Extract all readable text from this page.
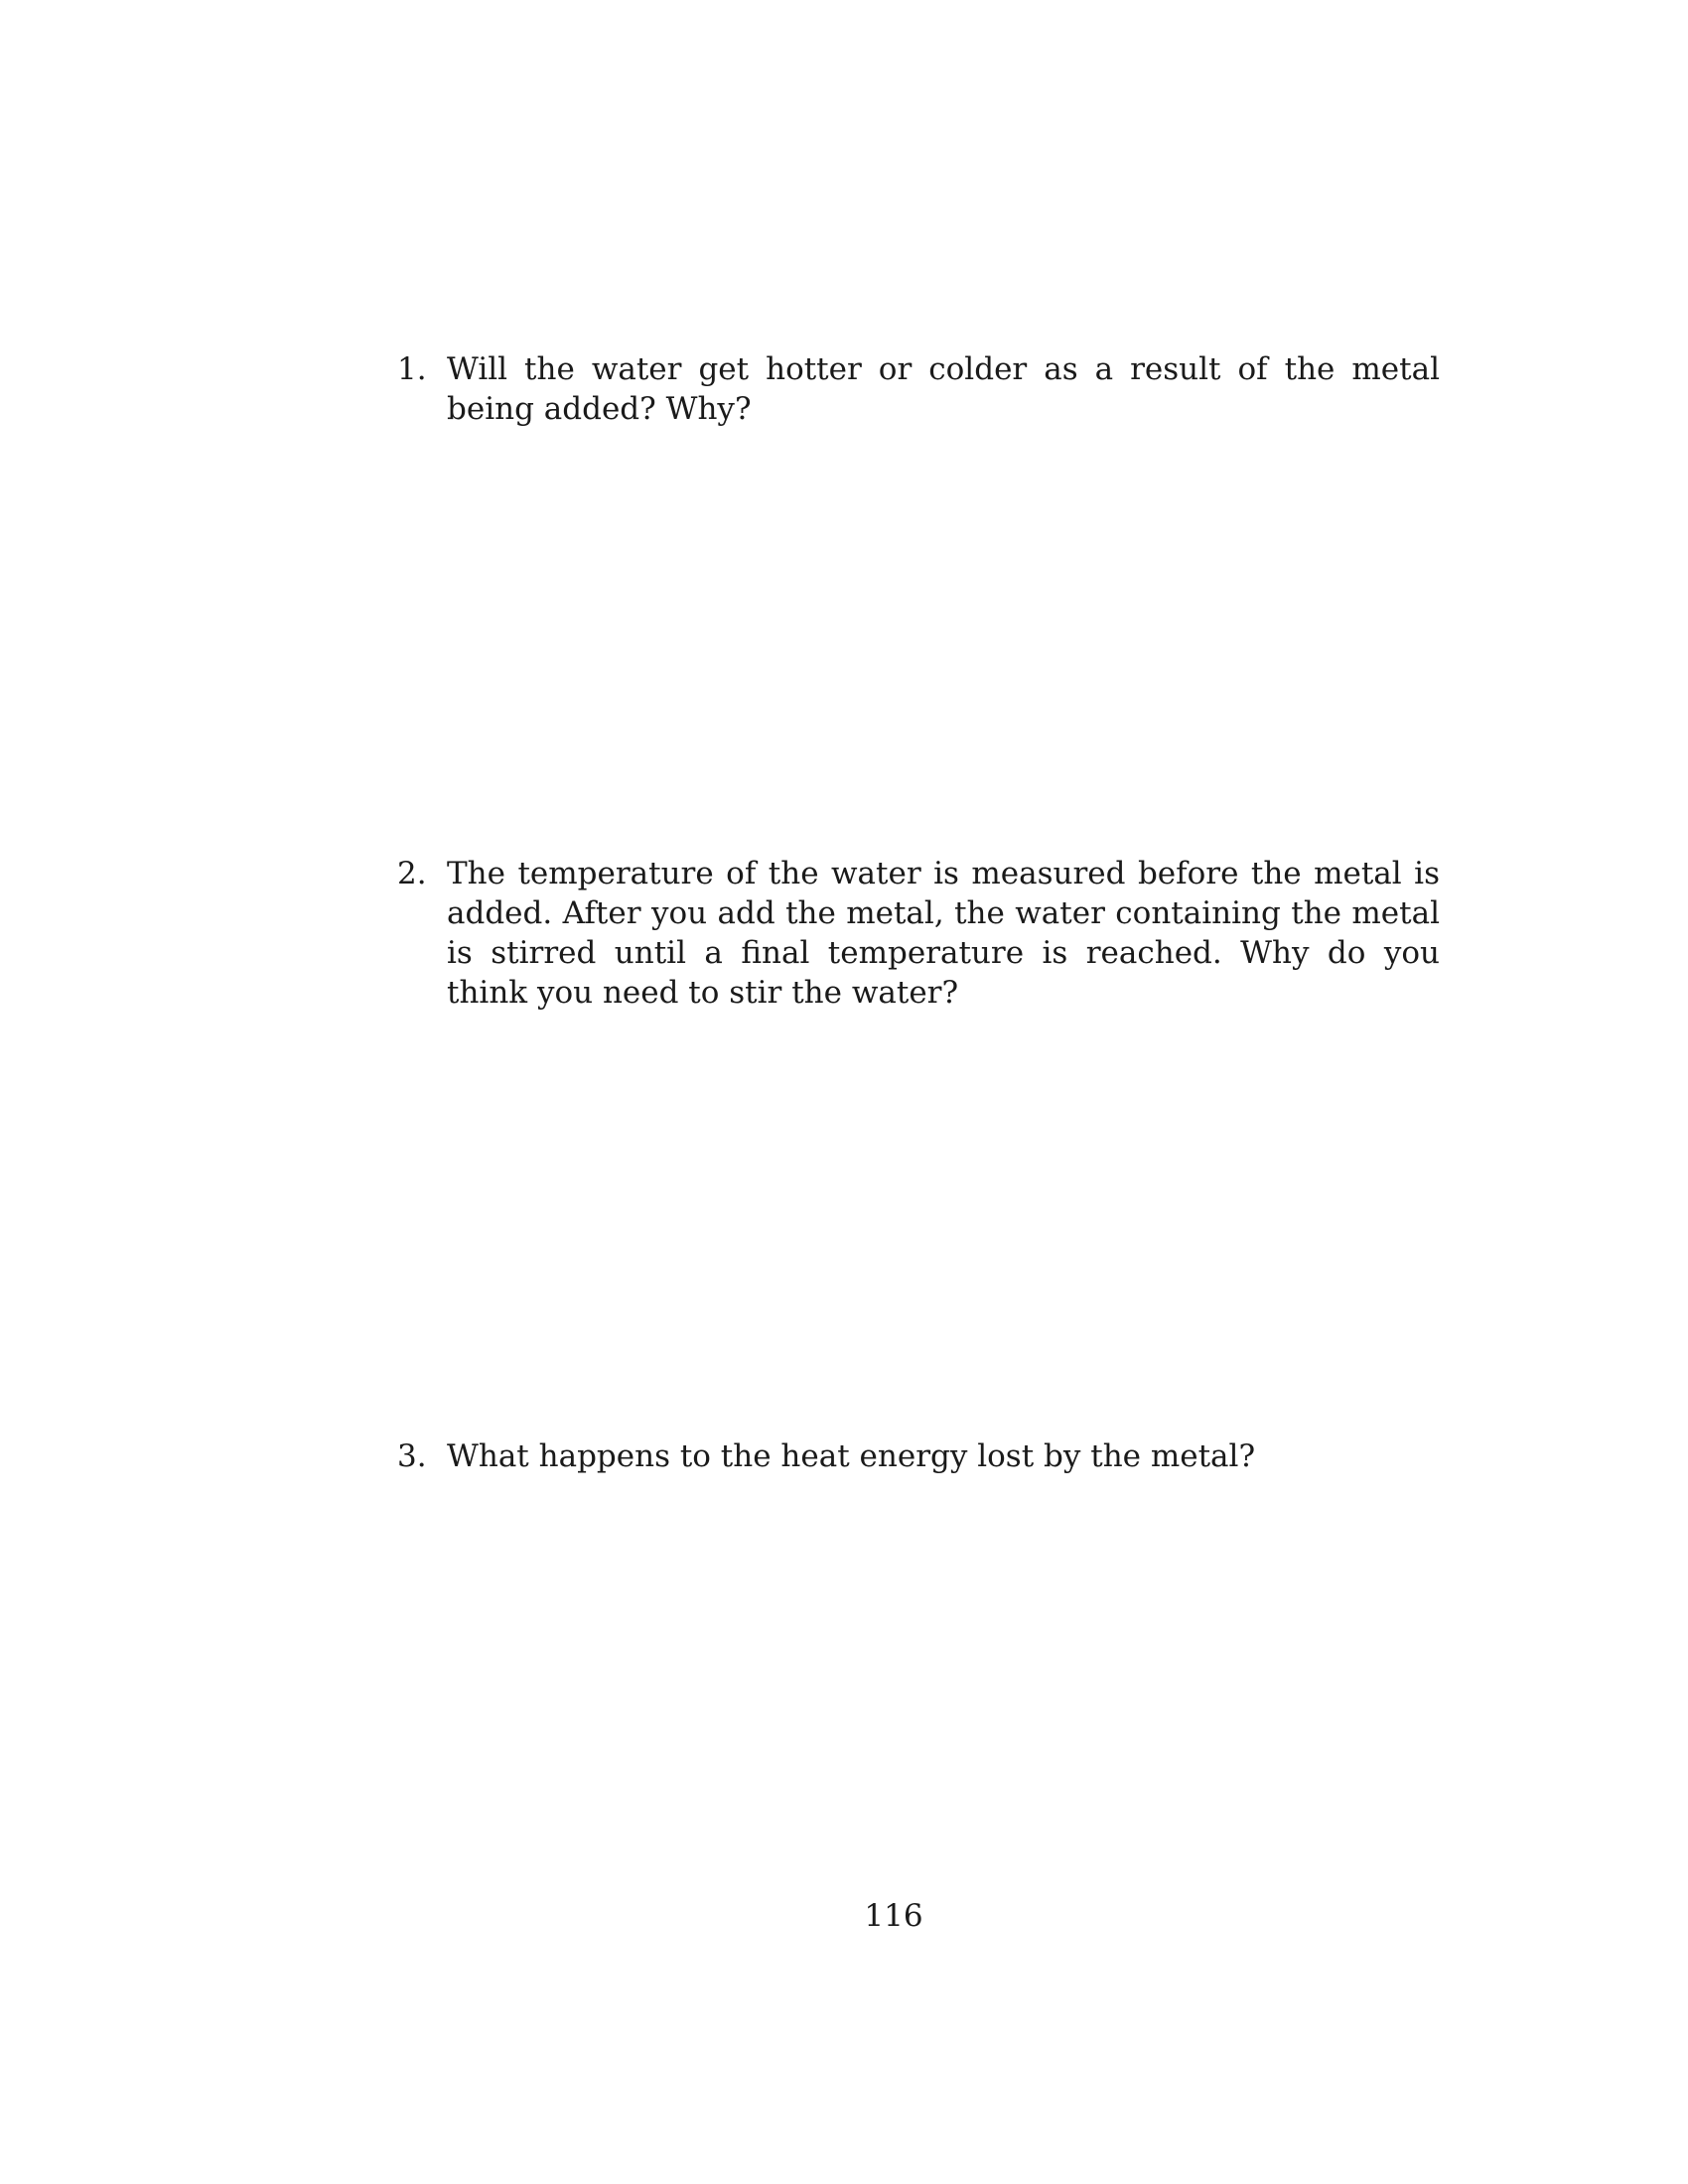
1. Will the water get hotter or colder as a result of the metal being added? Why?
2. The temperature of the water is measured before the metal is added. After you add the metal, the water containing the metal is stirred until a final temperature is reached. Why do you think you need to stir the water?
3. What happens to the heat energy lost by the metal?
116
